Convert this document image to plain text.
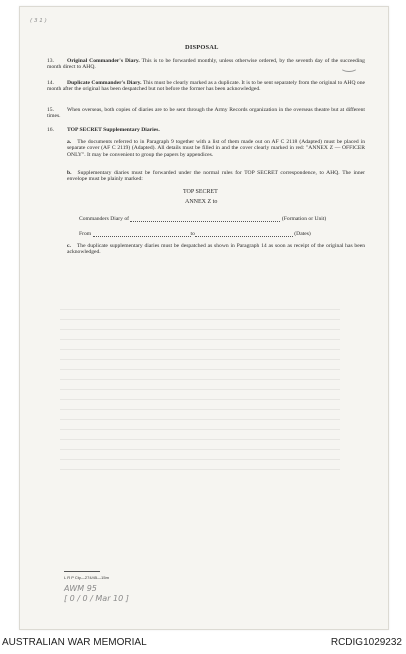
( 3 1 )
DISPOSAL
13. Original Commander's Diary. This is to be forwarded monthly, unless otherwise ordered, by the seventh day of the succeeding month direct to AHQ.
14. Duplicate Commander's Diary. This must be clearly marked as a duplicate. It is to be sent separately from the original to AHQ one month after the original has been despatched but not before the former has been acknowledged.
15. When overseas, both copies of diaries are to be sent through the Army Records organization in the overseas theatre but at different times.
16. TOP SECRET Supplementary Diaries.
a. The documents referred to in Paragraph 9 together with a list of them made out on AF C 2118 (Adapted) must be placed in separate cover (AF C 2119) (Adapted). All details must be filled in and the cover clearly marked in red: "ANNEX Z — OFFICER ONLY". It may be convenient to group the papers by appendices.
b. Supplementary diaries must be forwarded under the normal rules for TOP SECRET correspondence, to AHQ. The inner envelope must be plainly marked:
TOP SECRET
ANNEX Z to
Commanders Diary of	(Formation or Unit)
From	to	(Dates)
c. The duplicate supplementary diaries must be despatched as shown in Paragraph 14 as soon as receipt of the original has been acknowledged.
L R P Cty—274/45—15m
AWM 95
[ 0 / 0 / Mar 10 ]
AUSTRALIAN WAR MEMORIAL	RCDIG1029232
